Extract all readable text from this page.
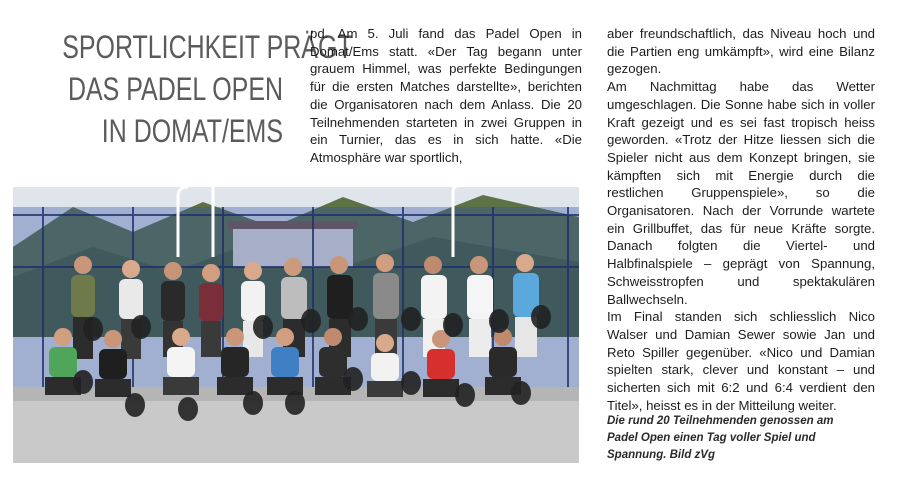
SPORTLICHKEIT PRÄGT
DAS PADEL OPEN
IN DOMAT/EMS

pd. Am 5. Juli fand das Padel Open in Domat/Ems statt. «Der Tag begann unter grauem Himmel, was perfekte Bedingungen für die ersten Matches darstellte», berichten die Organisatoren nach dem Anlass. Die 20 Teilnehmenden starteten in zwei Gruppen in ein Turnier, das es in sich hatte. «Die Atmosphäre war sportlich,

aber freundschaftlich, das Niveau hoch und die Partien eng umkämpft», wird eine Bilanz gezogen.

Am Nachmittag habe das Wetter umgeschlagen. Die Sonne habe sich in voller Kraft gezeigt und es sei fast tropisch heiss geworden. «Trotz der Hitze liessen sich die Spieler nicht aus dem Konzept bringen, sie kämpften sich mit Energie durch die restlichen Gruppenspiele», so die Organisatoren. Nach der Vorrunde wartete ein Grillbuffet, das für neue Kräfte sorgte. Danach folgten die Viertel- und Halbfinalspiele – geprägt von Spannung, Schweisstropfen und spektakulären Ballwechseln.

Im Final standen sich schliesslich Nico Walser und Damian Sewer sowie Jan und Reto Spiller gegenüber. «Nico und Damian spielten stark, clever und konstant – und sicherten sich mit 6:2 und 6:4 verdient den Titel», heisst es in der Mitteilung weiter.

Die rund 20 Teilnehmenden genossen am Padel Open einen Tag voller Spiel und Spannung. Bild zVg
